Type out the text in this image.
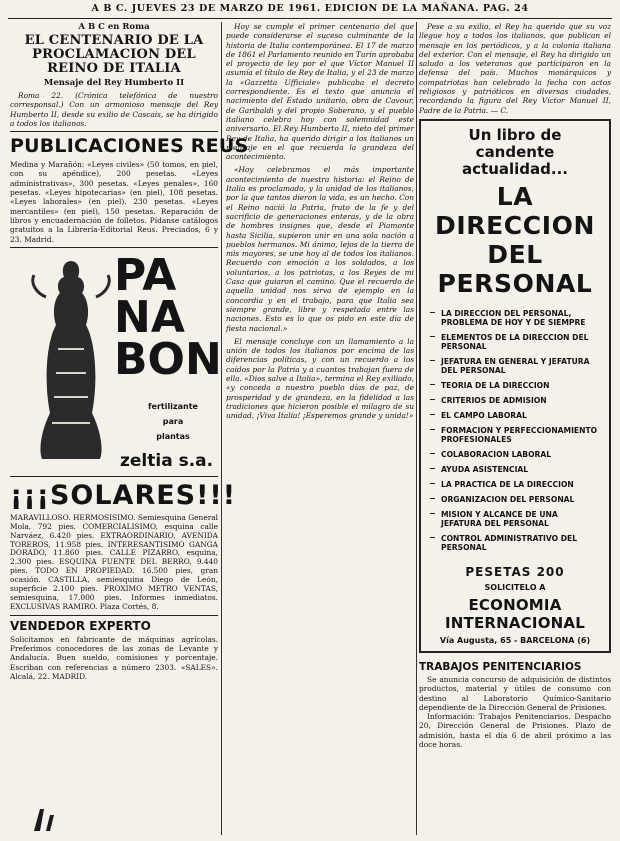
A B C. JUEVES 23 DE MARZO DE 1961. EDICION DE LA MAÑANA. PAG. 24
A B C en Roma
EL CENTENARIO DE LA PROCLAMACION DEL REINO DE ITALIA
Mensaje del Rey Humberto II

Roma 22. (Crónica telefónica de nuestro corresponsal.) Con un armonioso mensaje del Rey Humberto II, desde su exilio de Cascais, se ha dirigido a todos los italianos.

PUBLICACIONES REUS

Medina y Marañón: «Leyes civiles» (50 tomos, en piel, con su apéndice), 200 pesetas. «Leyes administrativas», 300 pesetas. «Leyes penales», 160 pesetas. «Leyes hipotecarias» (en piel), 108 pesetas. «Leyes laborales» (en piel), 230 pesetas. «Leyes mercantiles» (en piel), 150 pesetas. Reparación de libros y encuadernación de folletos. Pídanse catálogos gratuitos a la Librería-Editorial Reus. Preciados, 6 y 23. Madrid.

PA
NA
BON
fertilizante
para
plantas
zeltia s.a.
¡¡¡SOLARES!!!

MARAVILLOSO. HERMOSISIMO. Semiesquina General Mola, 792 pies. COMERCIALISIMO, esquina calle Narváez, 6.420 pies. EXTRAORDINARIO, AVENIDA TOREROS, 11.958 pies. INTERESANTISIMO GANGA DORADO, 11.860 pies. CALLE PIZARRO, esquina, 2.300 pies. ESQUINA FUENTE DEL BERRO, 9.440 pies. TODO EN PROPIEDAD. 16.500 pies, gran ocasión. CASTILLA, semiesquina Diego de León, superficie 2.100 pies. PROXIMO METRO VENTAS, semiesquina, 17.000 pies. Informes inmediatos. EXCLUSIVAS RAMIRO. Plaza Cortés, 8.

VENDEDOR EXPERTO

Solicitamos en fabricante de máquinas agrícolas. Preferimos conocedores de las zonas de Levante y Andalucía. Buen sueldo, comisiones y porcentaje. Escriban con referencias a número 2303. «SALES». Alcalá, 22. MADRID.

Hoy se cumple el primer centenario del que puede considerarse el suceso culminante de la historia de Italia contemporánea. El 17 de marzo de 1861 el Parlamento reunido en Turín aprobaba el proyecto de ley por el que Víctor Manuel II asumía el título de Rey de Italia, y el 23 de marzo la «Gazzetta Ufficiale» publicaba el decreto correspondiente. Es el texto que anuncia el nacimiento del Estado unitario, obra de Cavour, de Garibaldi y del propio Soberano, y el pueblo italiano celebra hoy con solemnidad este aniversario. El Rey Humberto II, nieto del primer Rey de Italia, ha querido dirigir a los italianos un mensaje en el que recuerda la grandeza del acontecimiento.

«Hoy celebramos el más importante acontecimiento de nuestra historia: el Reino de Italia es proclamado, y la unidad de los italianos, por la que tantos dieron la vida, es un hecho. Con el Reino nació la Patria, fruto de la fe y del sacrificio de generaciones enteras, y de la obra de hombres insignes que, desde el Piamonte hasta Sicilia, supieron unir en una sola nación a pueblos hermanos. Mi ánimo, lejos de la tierra de mis mayores, se une hoy al de todos los italianos. Recuerdo con emoción a los soldados, a los voluntarios, a los patriotas, a los Reyes de mi Casa que guiaron el camino. Que el recuerdo de aquella unidad nos sirva de ejemplo en la concordia y en el trabajo, para que Italia sea siempre grande, libre y respetada entre las naciones. Esto es lo que os pido en este día de fiesta nacional.»

El mensaje concluye con un llamamiento a la unión de todos los italianos por encima de las diferencias políticas, y con un recuerdo a los caídos por la Patria y a cuantos trabajan fuera de ella. «Dios salve a Italia», termina el Rey exiliado, «y conceda a nuestro pueblo días de paz, de prosperidad y de grandeza, en la fidelidad a las tradiciones que hicieron posible el milagro de su unidad. ¡Viva Italia! ¡Esperemos grande y unida!»

Pese a su exilio, el Rey ha querido que su voz llegue hoy a todos los italianos, que publican el mensaje en los periódicos, y a la colonia italiana del exterior. Con el mensaje, el Rey ha dirigido un saludo a los veteranos que participaron en la defensa del país. Muchos monárquicos y compatriotas han celebrado la fecha con actos religiosos y patrióticos en diversas ciudades, recordando la figura del Rey Víctor Manuel II, Padre de la Patria. — C.

Un libro de candente actualidad...
LA DIRECCION DEL PERSONAL
LA DIRECCION DEL PERSONAL, PROBLEMA DE HOY Y DE SIEMPRE
ELEMENTOS DE LA DIRECCION DEL PERSONAL
JEFATURA EN GENERAL Y JEFATURA DEL PERSONAL
TEORIA DE LA DIRECCION
CRITERIOS DE ADMISION
EL CAMPO LABORAL
FORMACION Y PERFECCIONAMIENTO PROFESIONALES
COLABORACION LABORAL
AYUDA ASISTENCIAL
LA PRACTICA DE LA DIRECCION
ORGANIZACION DEL PERSONAL
MISION Y ALCANCE DE UNA JEFATURA DEL PERSONAL
CONTROL ADMINISTRATIVO DEL PERSONAL
PESETAS 200
SOLICITELO A
ECONOMIA INTERNACIONAL
Vía Augusta, 65 - BARCELONA (6)
TRABAJOS PENITENCIARIOS

Se anuncia concurso de adquisición de distintos productos, material y útiles de consumo con destino al Laboratorio Químico-Sanitario dependiente de la Dirección General de Prisiones.

Información: Trabajos Penitenciarios. Despacho 20, Dirección General de Prisiones. Plazo de admisión, hasta el día 6 de abril próximo a las doce horas.
